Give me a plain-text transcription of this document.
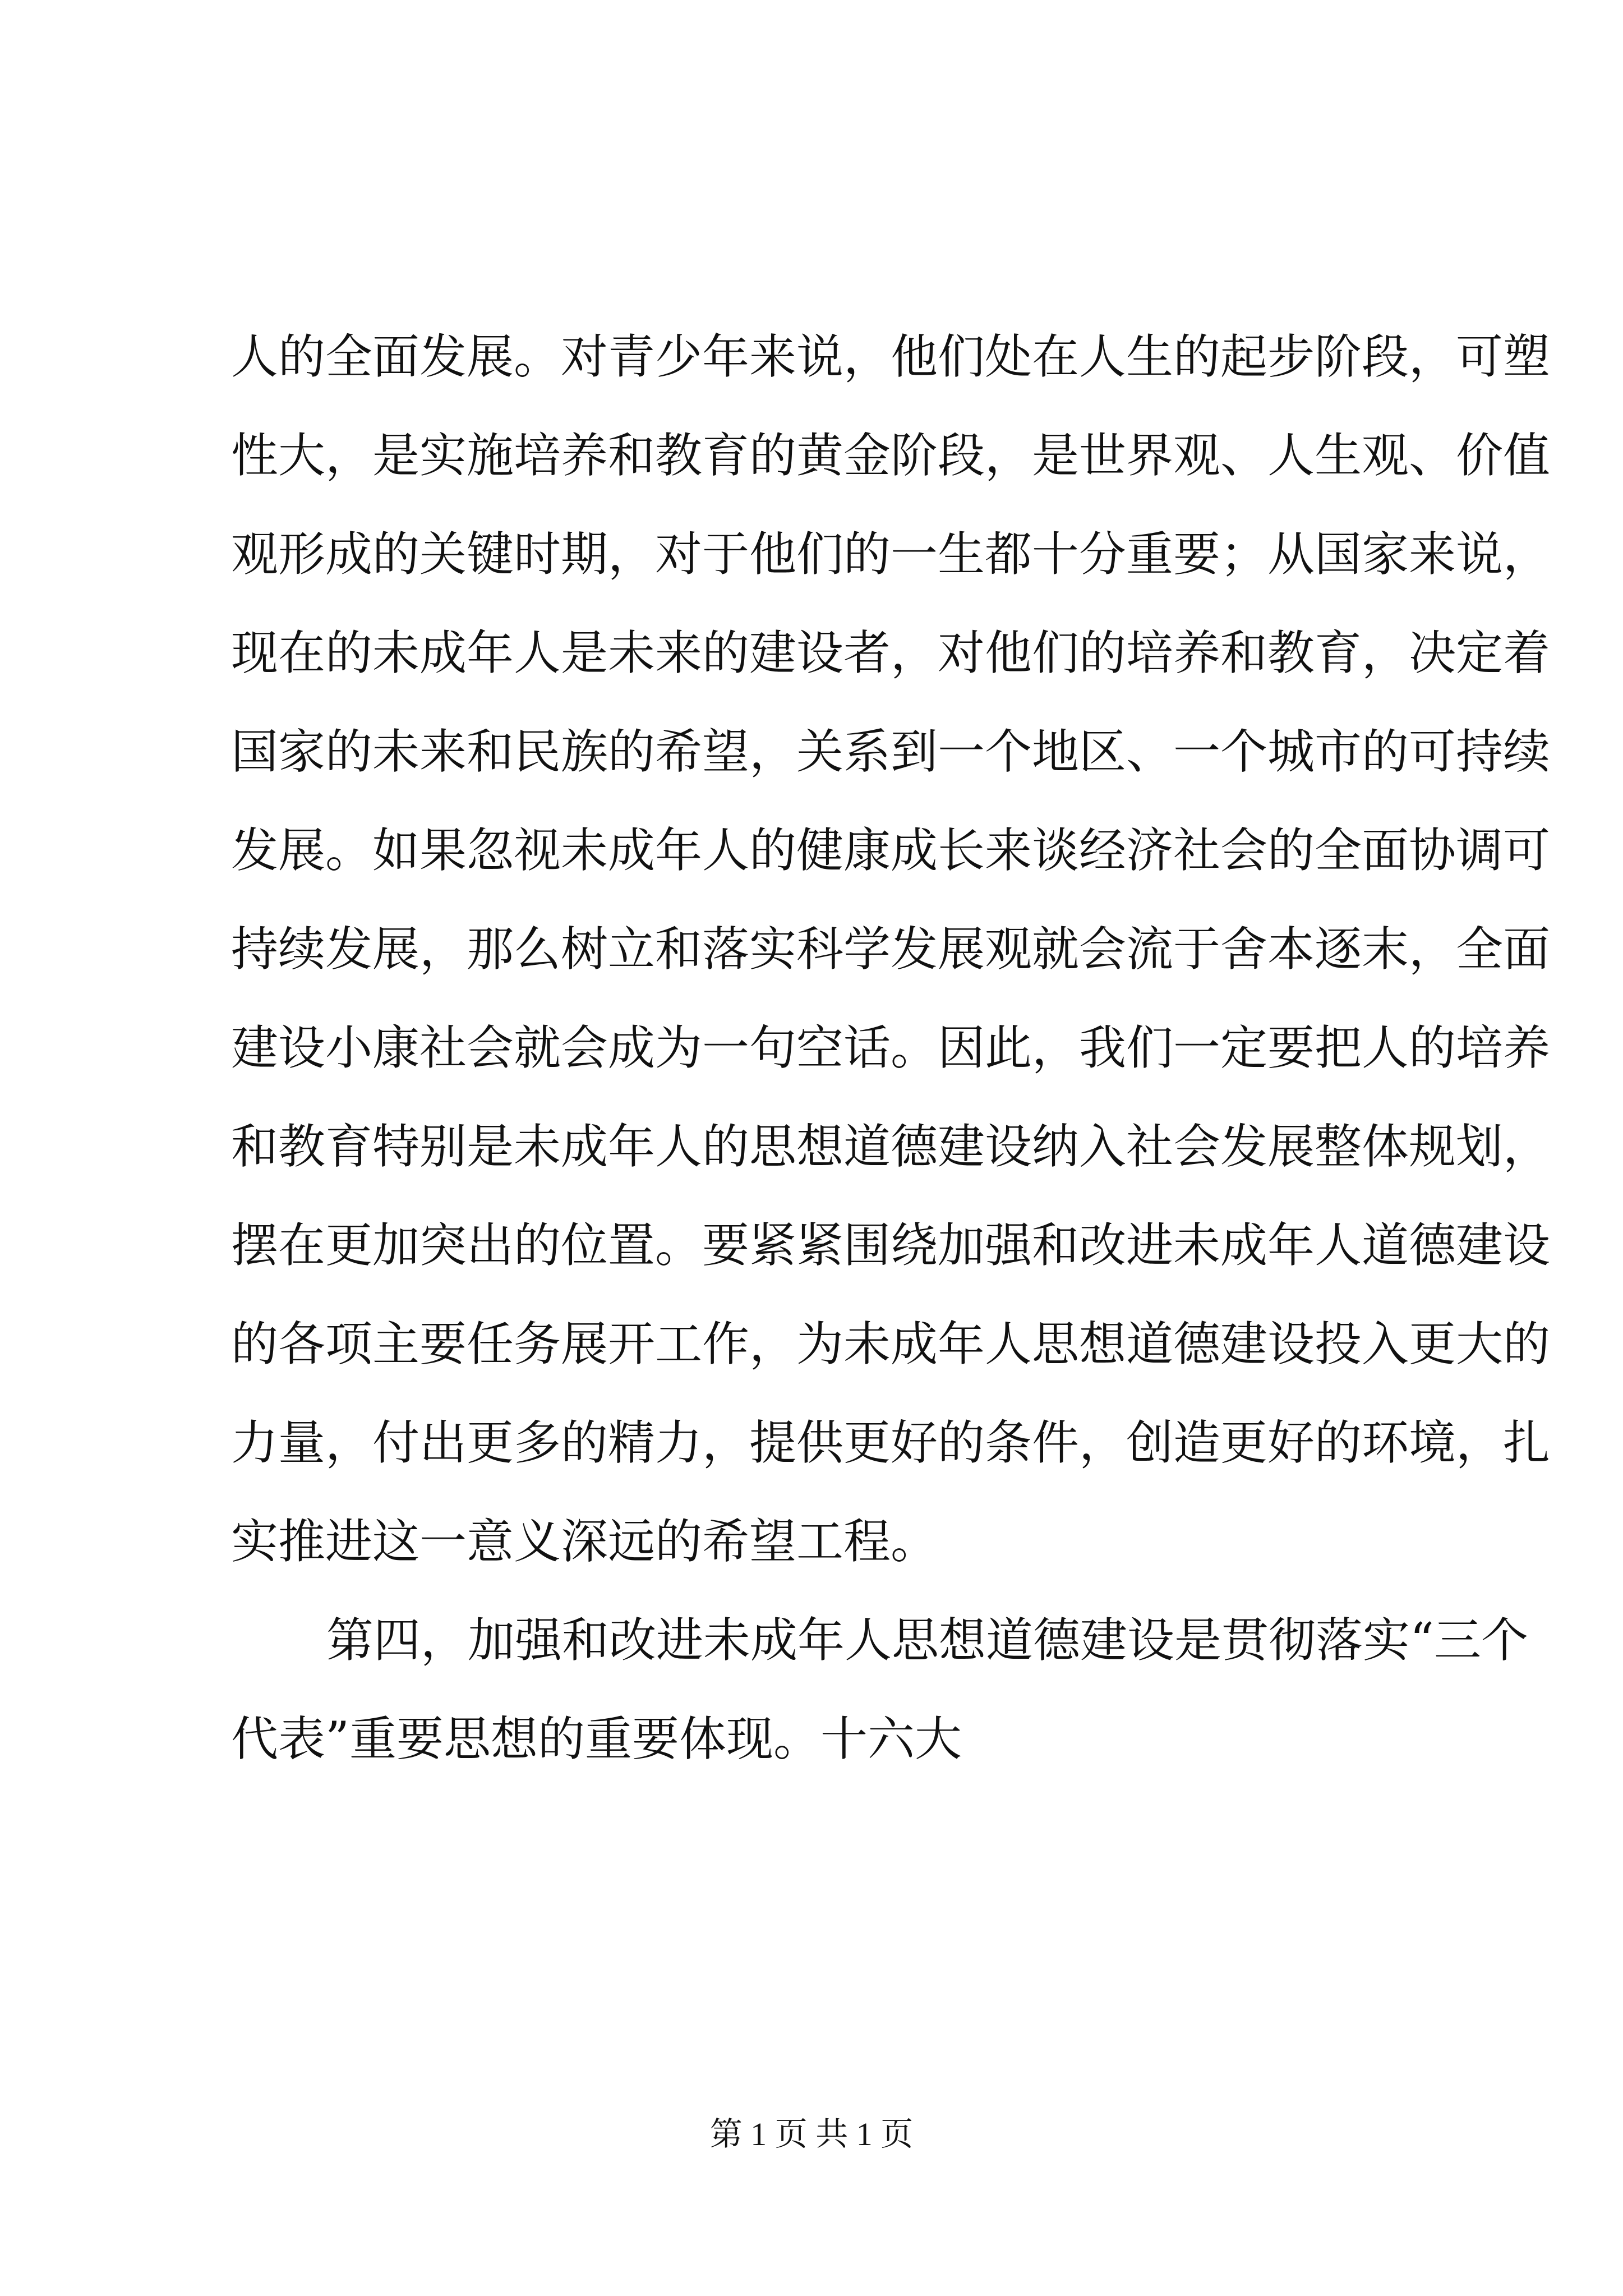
人的全面发展。对青少年来说，他们处在人生的起步阶段，可塑
性大，是实施培养和教育的黄金阶段，是世界观、人生观、价值
观形成的关键时期，对于他们的一生都十分重要；从国家来说，
现在的未成年人是未来的建设者，对他们的培养和教育，决定着
国家的未来和民族的希望，关系到一个地区、一个城市的可持续
发展。如果忽视未成年人的健康成长来谈经济社会的全面协调可
持续发展，那么树立和落实科学发展观就会流于舍本逐末，全面
建设小康社会就会成为一句空话。因此，我们一定要把人的培养
和教育特别是未成年人的思想道德建设纳入社会发展整体规划，
摆在更加突出的位置。要紧紧围绕加强和改进未成年人道德建设
的各项主要任务展开工作，为未成年人思想道德建设投入更大的
力量，付出更多的精力，提供更好的条件，创造更好的环境，扎
实推进这一意义深远的希望工程。
第四，加强和改进未成年人思想道德建设是贯彻落实“三个
代表”重要思想的重要体现。十六大
第 1 页 共 1 页
